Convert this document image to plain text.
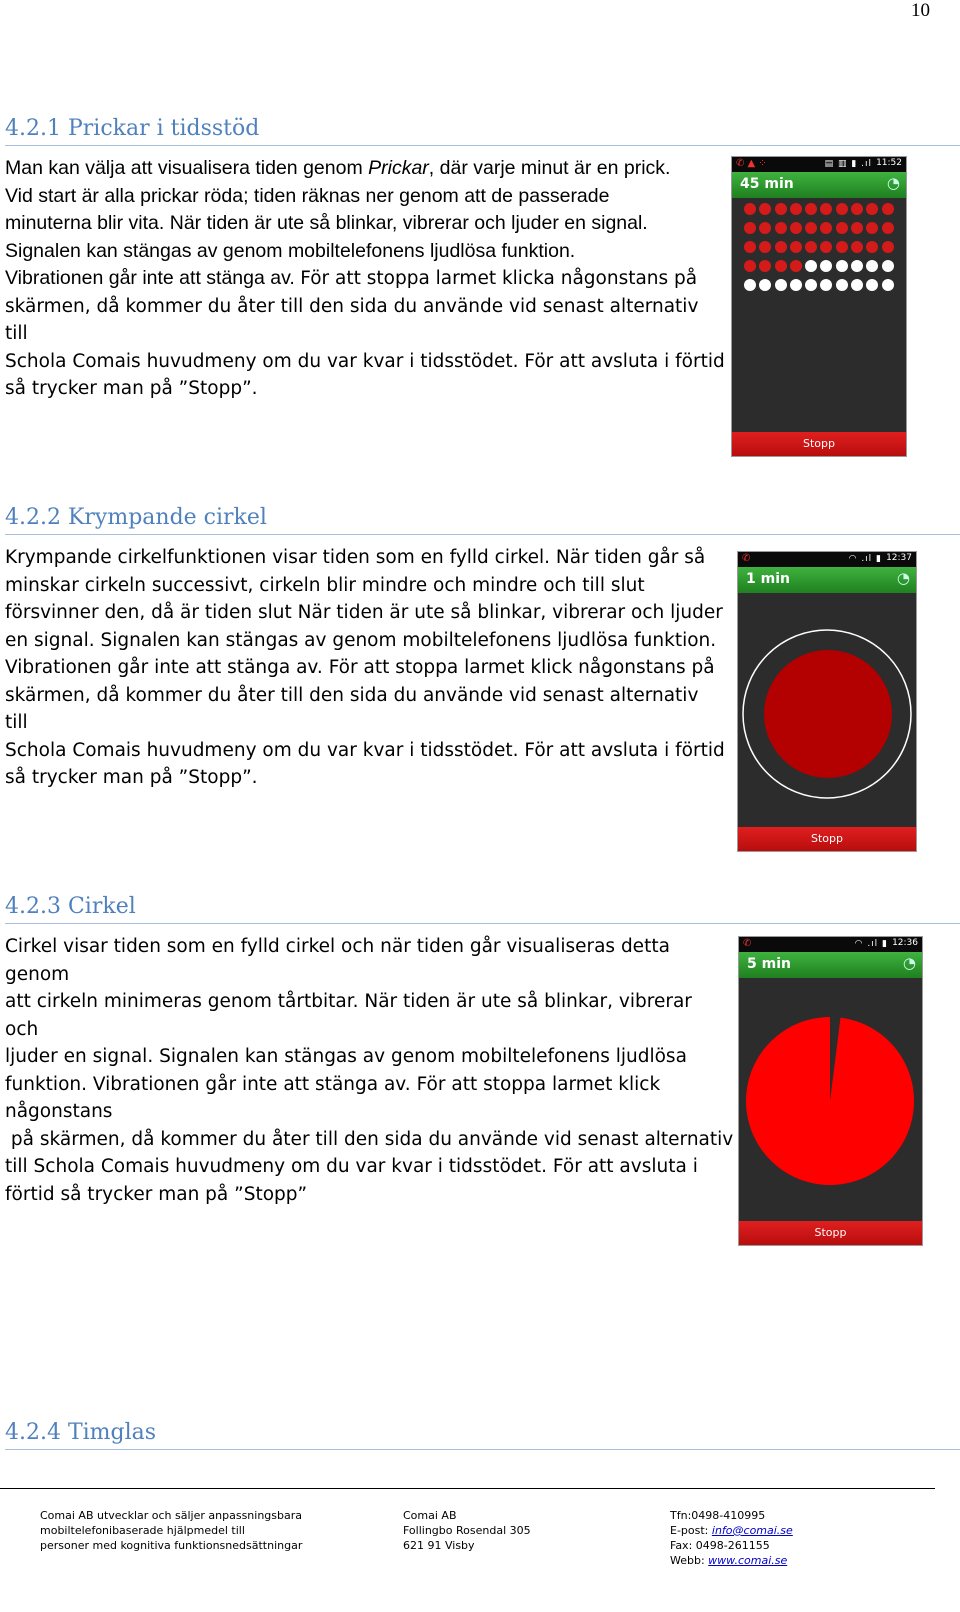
10
4.2.1 Prickar i tidsstöd

Man kan välja att visualisera tiden genom Prickar, där varje minut är en prick.

Vid start är alla prickar röda; tiden räknas ner genom att de passerade

minuterna blir vita. När tiden är ute så blinkar, vibrerar och ljuder en signal.

Signalen kan stängas av genom mobiltelefonens ljudlösa funktion.

Vibrationen går inte att stänga av. För att stoppa larmet klicka någonstans på

skärmen, då kommer du åter till den sida du använde vid senast alternativ till

Schola Comais huvudmeny om du var kvar i tidsstödet. För att avsluta i förtid

så trycker man på ”Stopp”.

✆ ▲ ⁘	▤ ▥ ▮ .ıl 11:52
45 min	◔
Stopp
4.2.2 Krympande cirkel

Krympande cirkelfunktionen visar tiden som en fylld cirkel. När tiden går så

minskar cirkeln successivt, cirkeln blir mindre och mindre och till slut

försvinner den, då är tiden slut När tiden är ute så blinkar, vibrerar och ljuder

en signal. Signalen kan stängas av genom mobiltelefonens ljudlösa funktion.

Vibrationen går inte att stänga av. För att stoppa larmet klick någonstans på

skärmen, då kommer du åter till den sida du använde vid senast alternativ till

Schola Comais huvudmeny om du var kvar i tidsstödet. För att avsluta i förtid

så trycker man på ”Stopp”.

✆	◠ .ıl ▮ 12:37
1 min	◔
Stopp
4.2.3 Cirkel

Cirkel visar tiden som en fylld cirkel och när tiden går visualiseras detta genom

att cirkeln minimeras genom tårtbitar. När tiden är ute så blinkar, vibrerar och

ljuder en signal. Signalen kan stängas av genom mobiltelefonens ljudlösa

funktion. Vibrationen går inte att stänga av. För att stoppa larmet klick

någonstans

på skärmen, då kommer du åter till den sida du använde vid senast alternativ

till Schola Comais huvudmeny om du var kvar i tidsstödet. För att avsluta i

förtid så trycker man på ”Stopp”

✆	◠ .ıl ▮ 12:36
5 min	◔
Stopp
4.2.4 Timglas
Comai AB utvecklar och säljer anpassningsbara
mobiltelefonibaserade hjälpmedel till
personer med kognitiva funktionsnedsättningar
Comai AB
Follingbo Rosendal 305
621 91 Visby
Tfn:0498-410995
E-post: info@comai.se
Fax: 0498-261155
Webb: www.comai.se
